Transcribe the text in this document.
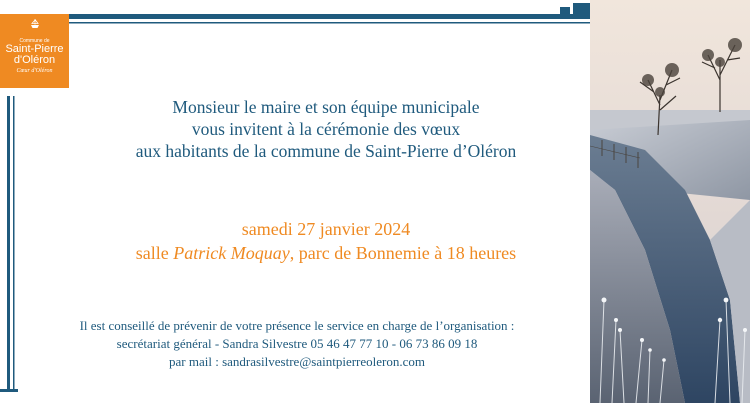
Commune de
Saint-Pierre
d'Oléron
Cœur d'Oléron
Monsieur le maire et son équipe municipale
vous invitent à la cérémonie des vœux
aux habitants de la commune de Saint-Pierre d’Oléron
samedi 27 janvier 2024
salle Patrick Moquay, parc de Bonnemie à 18 heures
Il est conseillé de prévenir de votre présence le service en charge de l’organisation :
secrétariat général - Sandra Silvestre 05 46 47 77 10 - 06 73 86 09 18
par mail : sandrasilvestre@saintpierreoleron.com
